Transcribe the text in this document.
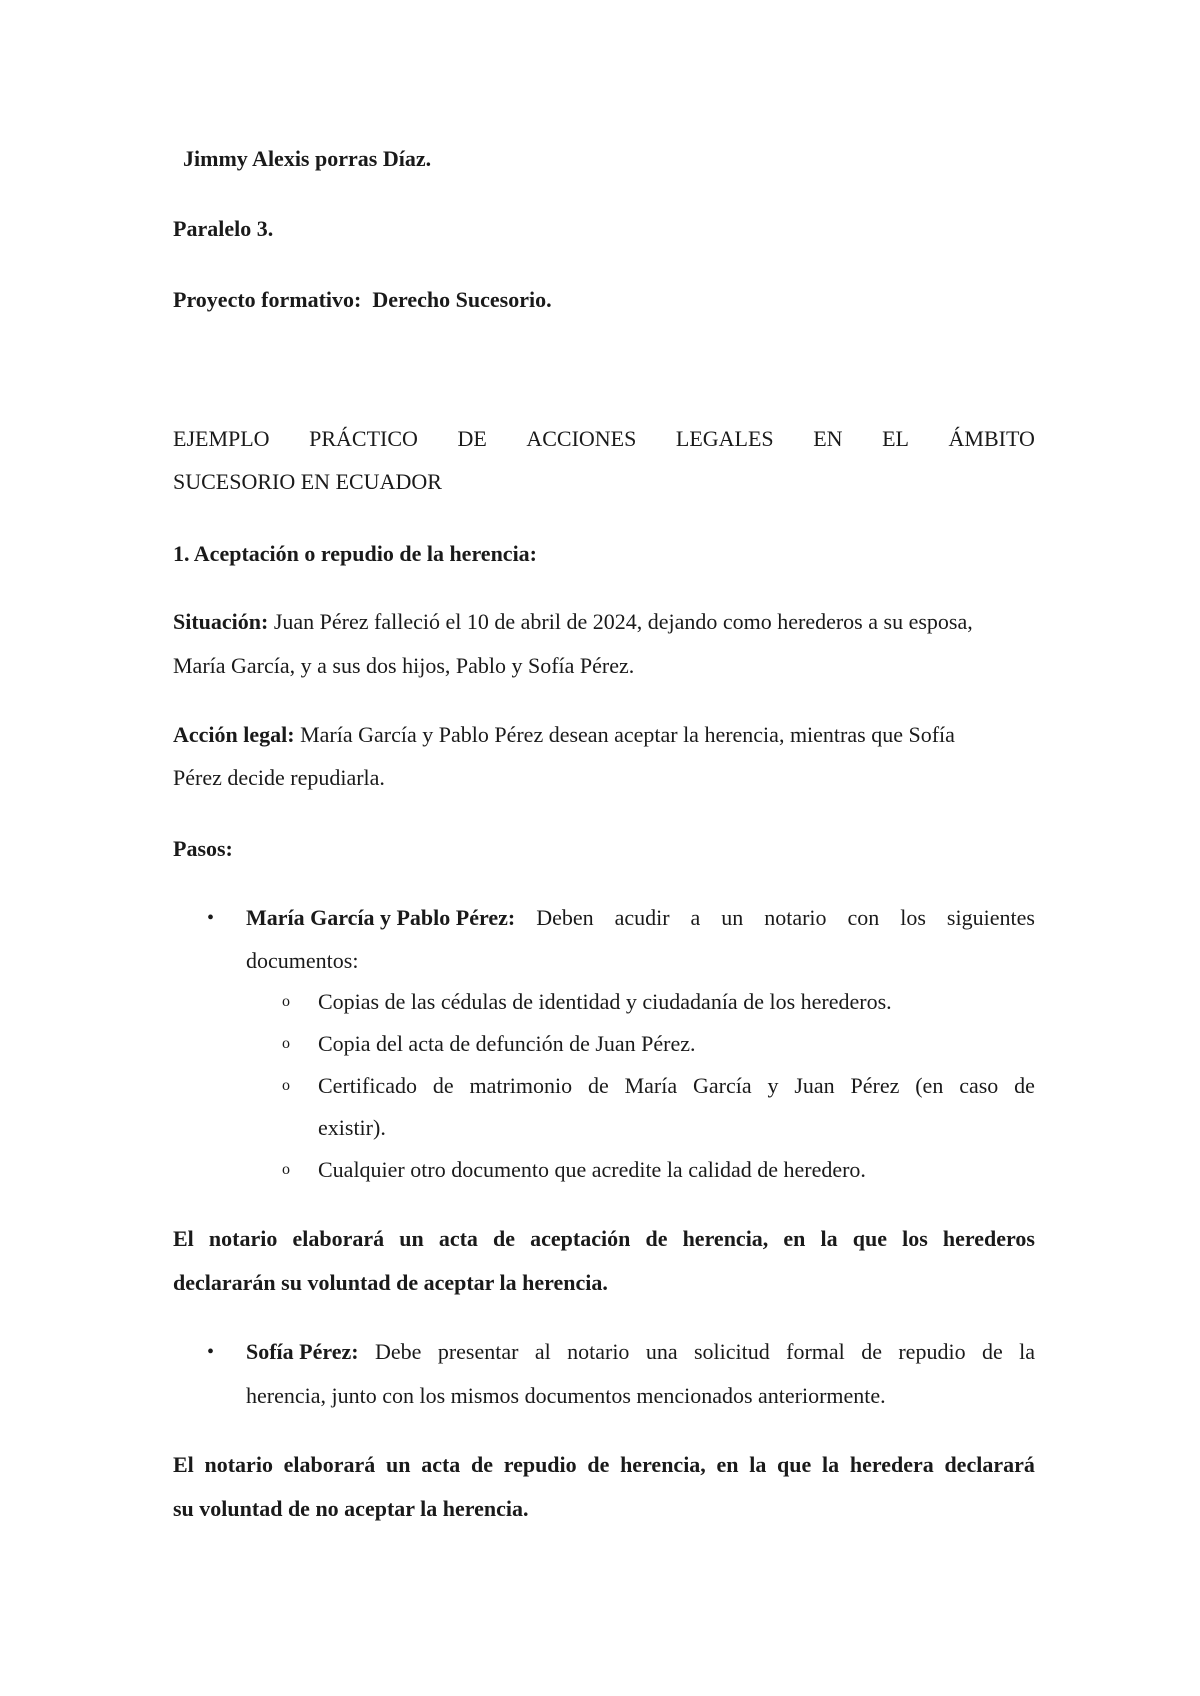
Jimmy Alexis porras Díaz.
Paralelo 3.
Proyecto formativo: Derecho Sucesorio.
EJEMPLO PRÁCTICO DE ACCIONES LEGALES EN EL ÁMBITO
SUCESORIO EN ECUADOR
1. Aceptación o repudio de la herencia:
Situación: Juan Pérez falleció el 10 de abril de 2024, dejando como herederos a su esposa,
María García, y a sus dos hijos, Pablo y Sofía Pérez.
Acción legal: María García y Pablo Pérez desean aceptar la herencia, mientras que Sofía
Pérez decide repudiarla.
Pasos:
• María García y Pablo Pérez: Deben acudir a un notario con los siguientes
documentos:
o Copias de las cédulas de identidad y ciudadanía de los herederos.
o Copia del acta de defunción de Juan Pérez.
o Certificado de matrimonio de María García y Juan Pérez (en caso de
existir).
o Cualquier otro documento que acredite la calidad de heredero.
El notario elaborará un acta de aceptación de herencia, en la que los herederos
declararán su voluntad de aceptar la herencia.
• Sofía Pérez: Debe presentar al notario una solicitud formal de repudio de la
herencia, junto con los mismos documentos mencionados anteriormente.
El notario elaborará un acta de repudio de herencia, en la que la heredera declarará
su voluntad de no aceptar la herencia.
